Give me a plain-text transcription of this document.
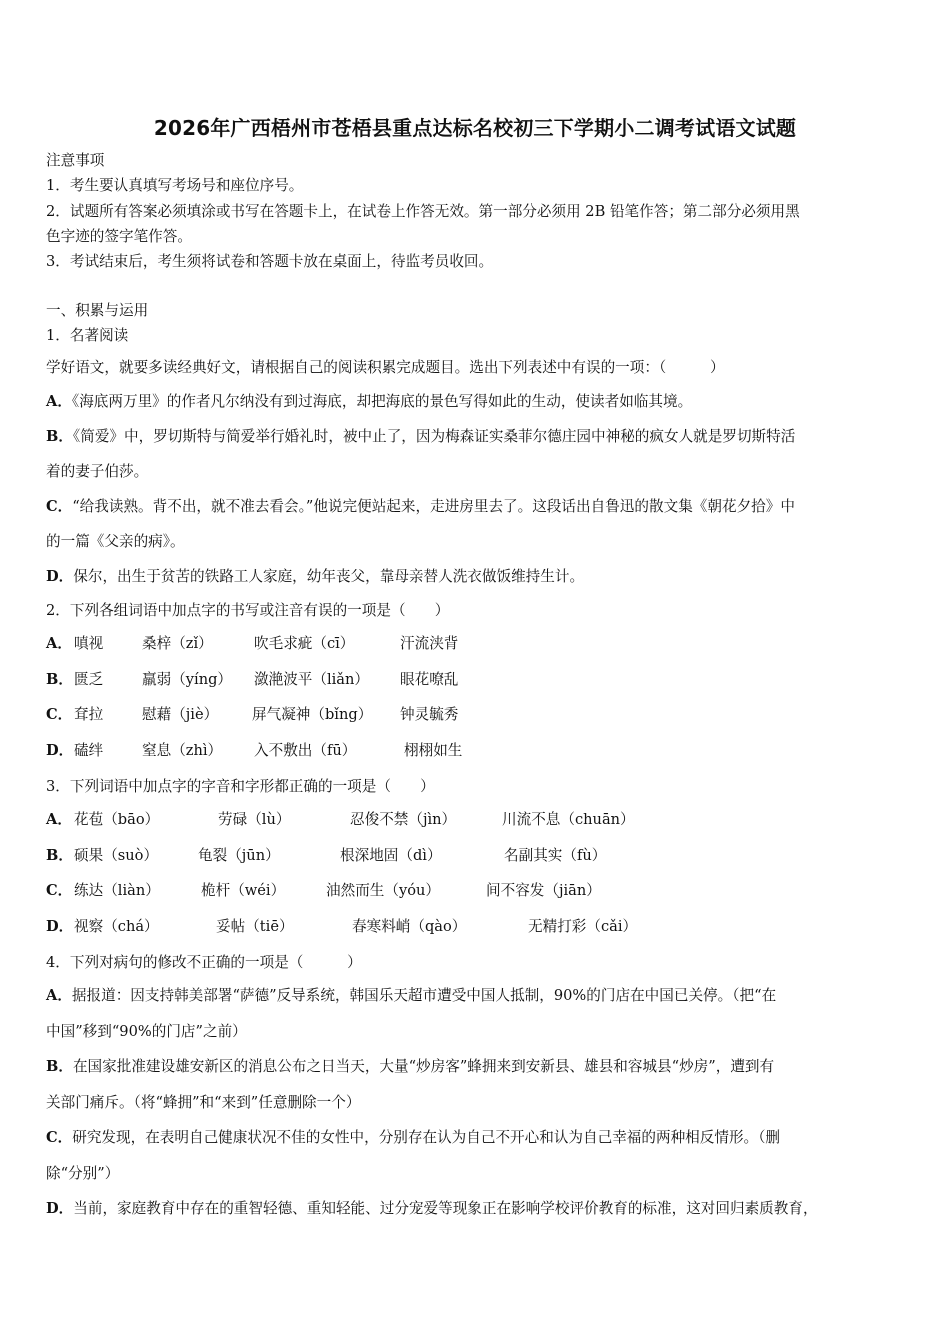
2026年广西梧州市苍梧县重点达标名校初三下学期小二调考试语文试题
注意事项
1．考生要认真填写考场号和座位序号。
2．试题所有答案必须填涂或书写在答题卡上，在试卷上作答无效。第一部分必须用 2B 铅笔作答；第二部分必须用黑
色字迹的签字笔作答。
3．考试结束后，考生须将试卷和答题卡放在桌面上，待监考员收回。
一、积累与运用
1．名著阅读
学好语文，就要多读经典好文，请根据自己的阅读积累完成题目。选出下列表述中有误的一项：（　　　）
A．《海底两万里》的作者凡尔纳没有到过海底，却把海底的景色写得如此的生动，使读者如临其境。
B．《简爱》中，罗切斯特与简爱举行婚礼时，被中止了，因为梅森证实桑菲尔德庄园中神秘的疯女人就是罗切斯特活
着的妻子伯莎。
C．“给我读熟。背不出，就不准去看会。”他说完便站起来，走进房里去了。这段话出自鲁迅的散文集《朝花夕拾》中
的一篇《父亲的病》。
D．保尔，出生于贫苦的铁路工人家庭，幼年丧父，靠母亲替人洗衣做饭维持生计。
2．下列各组词语中加点字的书写或注音有误的一项是（　　）
A． 嗔视	桑梓（zǐ）	吹毛求疵（cī）	汗流浃背
B． 匮乏	羸弱（yíng） 潋滟波平（liǎn） 眼花嘹乱
C． 耷拉	慰藉（jiè） 屏气凝神（bǐng） 钟灵毓秀
D． 磕绊	窒息（zhì） 入不敷出（fū）	栩栩如生
3．下列词语中加点字的字音和字形都正确的一项是（　　）
A． 花苞（bāo）	劳碌（lù）	忍俊不禁（jìn）	川流不息（chuān）
B． 硕果（suò）	龟裂（jūn）	根深地固（dì）	名副其实（fù）
C． 练达（liàn）	桅杆（wéi）	油然而生（yóu）	间不容发（jiān）
D． 视察（chá）	妥帖（tiē）	春寒料峭（qào）	无精打彩（cǎi）
4．下列对病句的修改不正确的一项是（　　　）
A．据报道：因支持韩美部署“萨德”反导系统，韩国乐天超市遭受中国人抵制，90%的门店在中国已关停。（把“在
中国”移到“90%的门店”之前）
B．在国家批准建设雄安新区的消息公布之日当天，大量“炒房客”蜂拥来到安新县、雄县和容城县“炒房”，遭到有
关部门痛斥。（将“蜂拥”和“来到”任意删除一个）
C．研究发现，在表明自己健康状况不佳的女性中，分别存在认为自己不开心和认为自己幸福的两种相反情形。（删
除“分别”）
D．当前，家庭教育中存在的重智轻德、重知轻能、过分宠爱等现象正在影响学校评价教育的标准，这对回归素质教育，
